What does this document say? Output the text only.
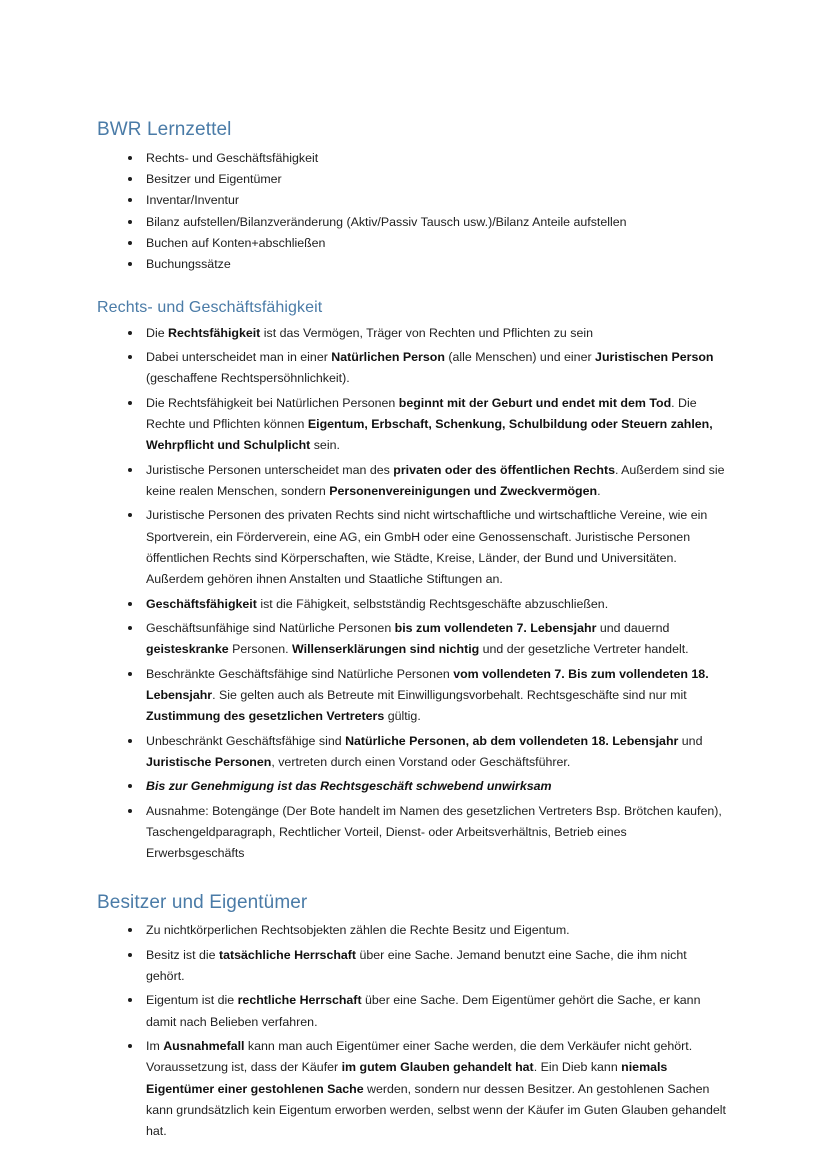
BWR Lernzettel
Rechts- und Geschäftsfähigkeit
Besitzer und Eigentümer
Inventar/Inventur
Bilanz aufstellen/Bilanzveränderung (Aktiv/Passiv Tausch usw.)/Bilanz Anteile aufstellen
Buchen auf Konten+abschließen
Buchungssätze
Rechts- und Geschäftsfähigkeit
Die Rechtsfähigkeit ist das Vermögen, Träger von Rechten und Pflichten zu sein
Dabei unterscheidet man in einer Natürlichen Person (alle Menschen) und einer Juristischen Person (geschaffene Rechtspersöhnlichkeit).
Die Rechtsfähigkeit bei Natürlichen Personen beginnt mit der Geburt und endet mit dem Tod. Die Rechte und Pflichten können Eigentum, Erbschaft, Schenkung, Schulbildung oder Steuern zahlen, Wehrpflicht und Schulplicht sein.
Juristische Personen unterscheidet man des privaten oder des öffentlichen Rechts. Außerdem sind sie keine realen Menschen, sondern Personenvereinigungen und Zweckvermögen.
Juristische Personen des privaten Rechts sind nicht wirtschaftliche und wirtschaftliche Vereine, wie ein Sportverein, ein Förderverein, eine AG, ein GmbH oder eine Genossenschaft. Juristische Personen öffentlichen Rechts sind Körperschaften, wie Städte, Kreise, Länder, der Bund und Universitäten. Außerdem gehören ihnen Anstalten und Staatliche Stiftungen an.
Geschäftsfähigkeit ist die Fähigkeit, selbstständig Rechtsgeschäfte abzuschließen.
Geschäftsunfähige sind Natürliche Personen bis zum vollendeten 7. Lebensjahr und dauernd geisteskranke Personen. Willenserklärungen sind nichtig und der gesetzliche Vertreter handelt.
Beschränkte Geschäftsfähige sind Natürliche Personen vom vollendeten 7. Bis zum vollendeten 18. Lebensjahr. Sie gelten auch als Betreute mit Einwilligungsvorbehalt. Rechtsgeschäfte sind nur mit Zustimmung des gesetzlichen Vertreters gültig.
Unbeschränkt Geschäftsfähige sind Natürliche Personen, ab dem vollendeten 18. Lebensjahr und Juristische Personen, vertreten durch einen Vorstand oder Geschäftsführer.
Bis zur Genehmigung ist das Rechtsgeschäft schwebend unwirksam
Ausnahme: Botengänge (Der Bote handelt im Namen des gesetzlichen Vertreters Bsp. Brötchen kaufen), Taschengeldparagraph, Rechtlicher Vorteil, Dienst- oder Arbeitsverhältnis, Betrieb eines Erwerbsgeschäfts
Besitzer und Eigentümer
Zu nichtkörperlichen Rechtsobjekten zählen die Rechte Besitz und Eigentum.
Besitz ist die tatsächliche Herrschaft über eine Sache. Jemand benutzt eine Sache, die ihm nicht gehört.
Eigentum ist die rechtliche Herrschaft über eine Sache. Dem Eigentümer gehört die Sache, er kann damit nach Belieben verfahren.
Im Ausnahmefall kann man auch Eigentümer einer Sache werden, die dem Verkäufer nicht gehört. Voraussetzung ist, dass der Käufer im gutem Glauben gehandelt hat. Ein Dieb kann niemals Eigentümer einer gestohlenen Sache werden, sondern nur dessen Besitzer. An gestohlenen Sachen kann grundsätzlich kein Eigentum erworben werden, selbst wenn der Käufer im Guten Glauben gehandelt hat.
